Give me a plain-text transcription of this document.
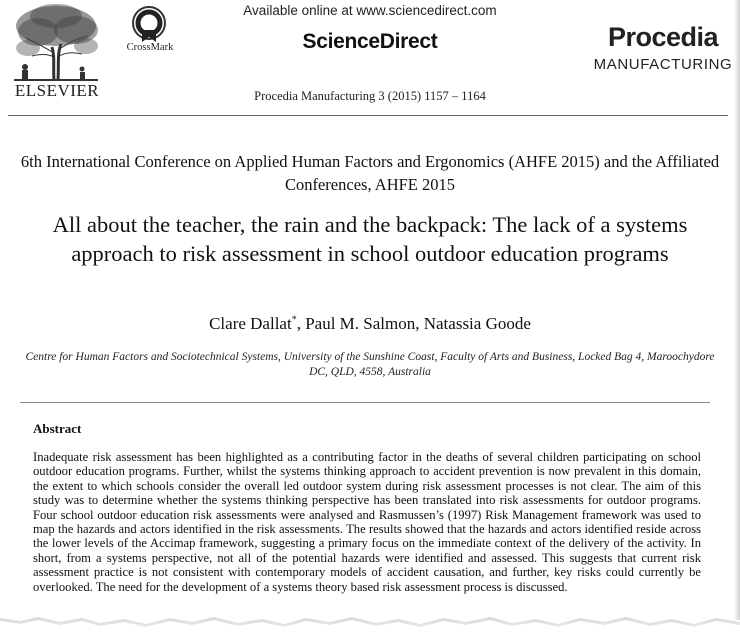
ELSEVIER
CrossMark
Available online at www.sciencedirect.com
ScienceDirect
Procedia Manufacturing 3 (2015) 1157 – 1164
Procedia
MANUFACTURING
6th International Conference on Applied Human Factors and Ergonomics (AHFE 2015) and the Affiliated Conferences, AHFE 2015
All about the teacher, the rain and the backpack: The lack of a systems approach to risk assessment in school outdoor education programs
Clare Dallat*, Paul M. Salmon, Natassia Goode
Centre for Human Factors and Sociotechnical Systems, University of the Sunshine Coast, Faculty of Arts and Business, Locked Bag 4, Maroochydore DC, QLD, 4558, Australia
Abstract
Inadequate risk assessment has been highlighted as a contributing factor in the deaths of several children participating on school outdoor education programs. Further, whilst the systems thinking approach to accident prevention is now prevalent in this domain, the extent to which schools consider the overall led outdoor system during risk assessment processes is not clear. The aim of this study was to determine whether the systems thinking perspective has been translated into risk assessments for outdoor programs. Four school outdoor education risk assessments were analysed and Rasmussen’s (1997) Risk Management framework was used to map the hazards and actors identified in the risk assessments. The results showed that the hazards and actors identified reside across the lower levels of the Accimap framework, suggesting a primary focus on the immediate context of the delivery of the activity. In short, from a systems perspective, not all of the potential hazards were identified and assessed. This suggests that current risk assessment practice is not consistent with contemporary models of accident causation, and further, key risks could currently be overlooked. The need for the development of a systems theory based risk assessment process is discussed.
